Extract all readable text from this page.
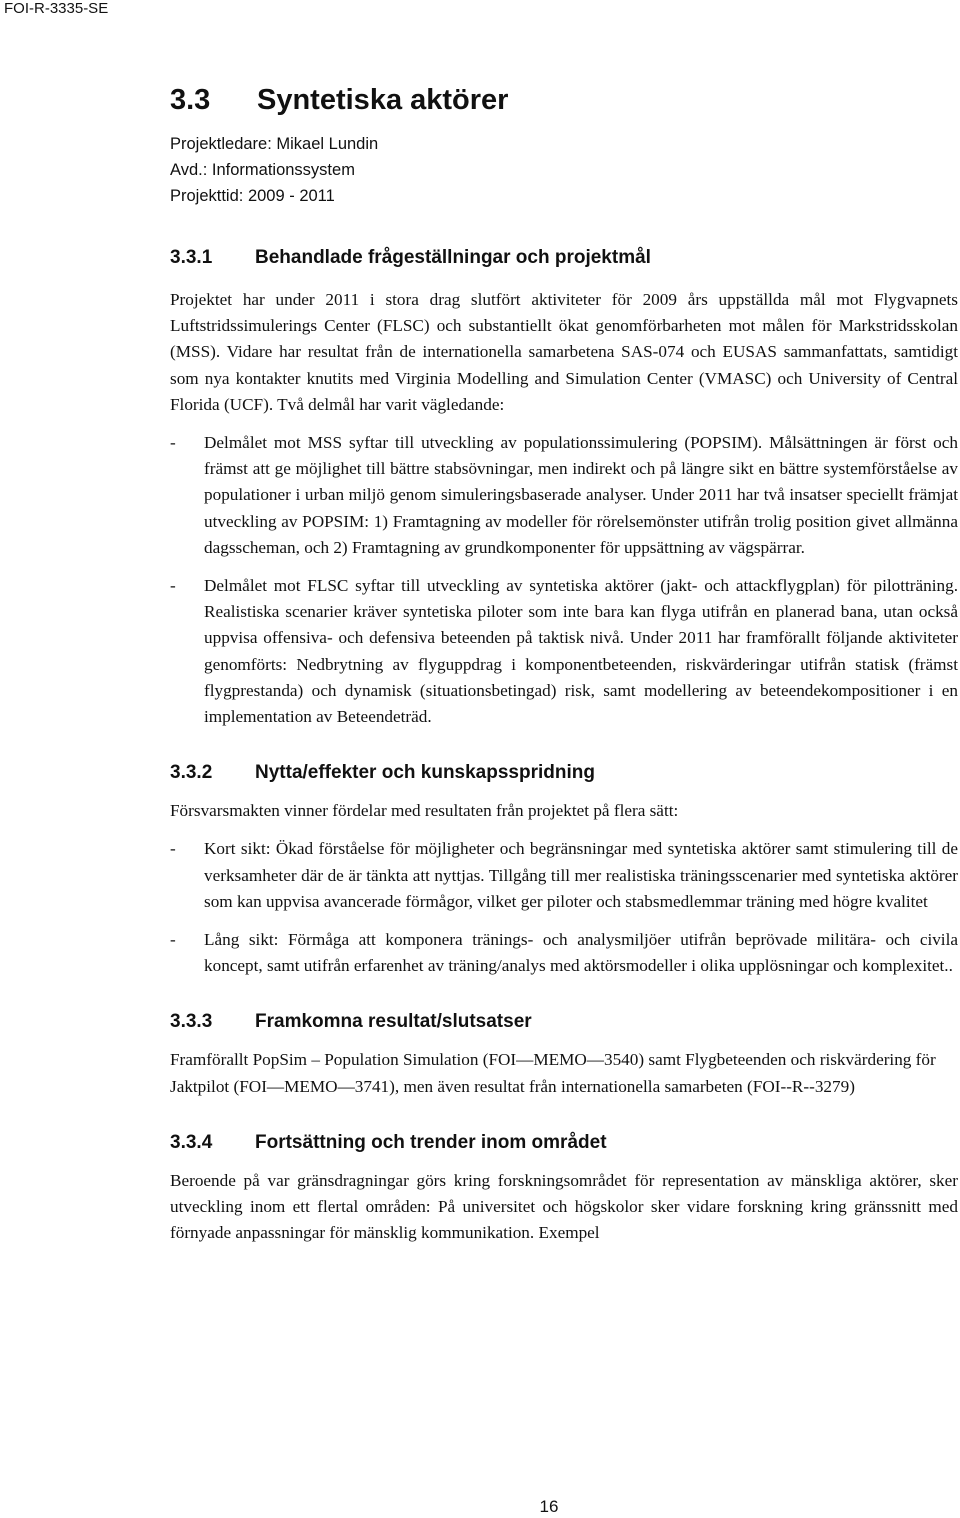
FOI-R-3335-SE
3.3	Syntetiska aktörer
Projektledare: Mikael Lundin
Avd.: Informationssystem
Projekttid: 2009 - 2011
3.3.1	Behandlade frågeställningar och projektmål

Projektet har under 2011 i stora drag slutfört aktiviteter för 2009 års uppställda mål mot Flygvapnets Luftstridssimulerings Center (FLSC) och substantiellt ökat genomförbarheten mot målen för Markstridsskolan (MSS). Vidare har resultat från de internationella samarbetena SAS-074 och EUSAS sammanfattats, samtidigt som nya kontakter knutits med Virginia Modelling and Simulation Center (VMASC) och University of Central Florida (UCF). Två delmål har varit vägledande:

-	Delmålet mot MSS syftar till utveckling av populationssimulering (POPSIM). Målsättningen är först och främst att ge möjlighet till bättre stabsövningar, men indirekt och på längre sikt en bättre systemförståelse av populationer i urban miljö genom simuleringsbaserade analyser. Under 2011 har två insatser speciellt främjat utveckling av POPSIM: 1) Framtagning av modeller för rörelsemönster utifrån trolig position givet allmänna dagsscheman, och 2) Framtagning av grundkomponenter för uppsättning av vägspärrar.
-	Delmålet mot FLSC syftar till utveckling av syntetiska aktörer (jakt- och attackflygplan) för pilotträning. Realistiska scenarier kräver syntetiska piloter som inte bara kan flyga utifrån en planerad bana, utan också uppvisa offensiva- och defensiva beteenden på taktisk nivå. Under 2011 har framförallt följande aktiviteter genomförts: Nedbrytning av flyguppdrag i komponentbeteenden, riskvärderingar utifrån statisk (främst flygprestanda) och dynamisk (situationsbetingad) risk, samt modellering av beteendekompositioner i en implementation av Beteendeträd.
3.3.2	Nytta/effekter och kunskapsspridning

Försvarsmakten vinner fördelar med resultaten från projektet på flera sätt:

-	Kort sikt: Ökad förståelse för möjligheter och begränsningar med syntetiska aktörer samt stimulering till de verksamheter där de är tänkta att nyttjas. Tillgång till mer realistiska träningsscenarier med syntetiska aktörer som kan uppvisa avancerade förmågor, vilket ger piloter och stabsmedlemmar träning med högre kvalitet
-	Lång sikt: Förmåga att komponera tränings- och analysmiljöer utifrån beprövade militära- och civila koncept, samt utifrån erfarenhet av träning/analys med aktörsmodeller i olika upplösningar och komplexitet..
3.3.3	Framkomna resultat/slutsatser

Framförallt PopSim – Population Simulation (FOI—MEMO—3540) samt Flygbeteenden och riskvärdering för Jaktpilot (FOI—MEMO—3741), men även resultat från internationella samarbeten (FOI--R--3279)

3.3.4	Fortsättning och trender inom området

Beroende på var gränsdragningar görs kring forskningsområdet för representation av mänskliga aktörer, sker utveckling inom ett flertal områden: På universitet och högskolor sker vidare forskning kring gränssnitt med förnyade anpassningar för mänsklig kommunikation. Exempel

16
